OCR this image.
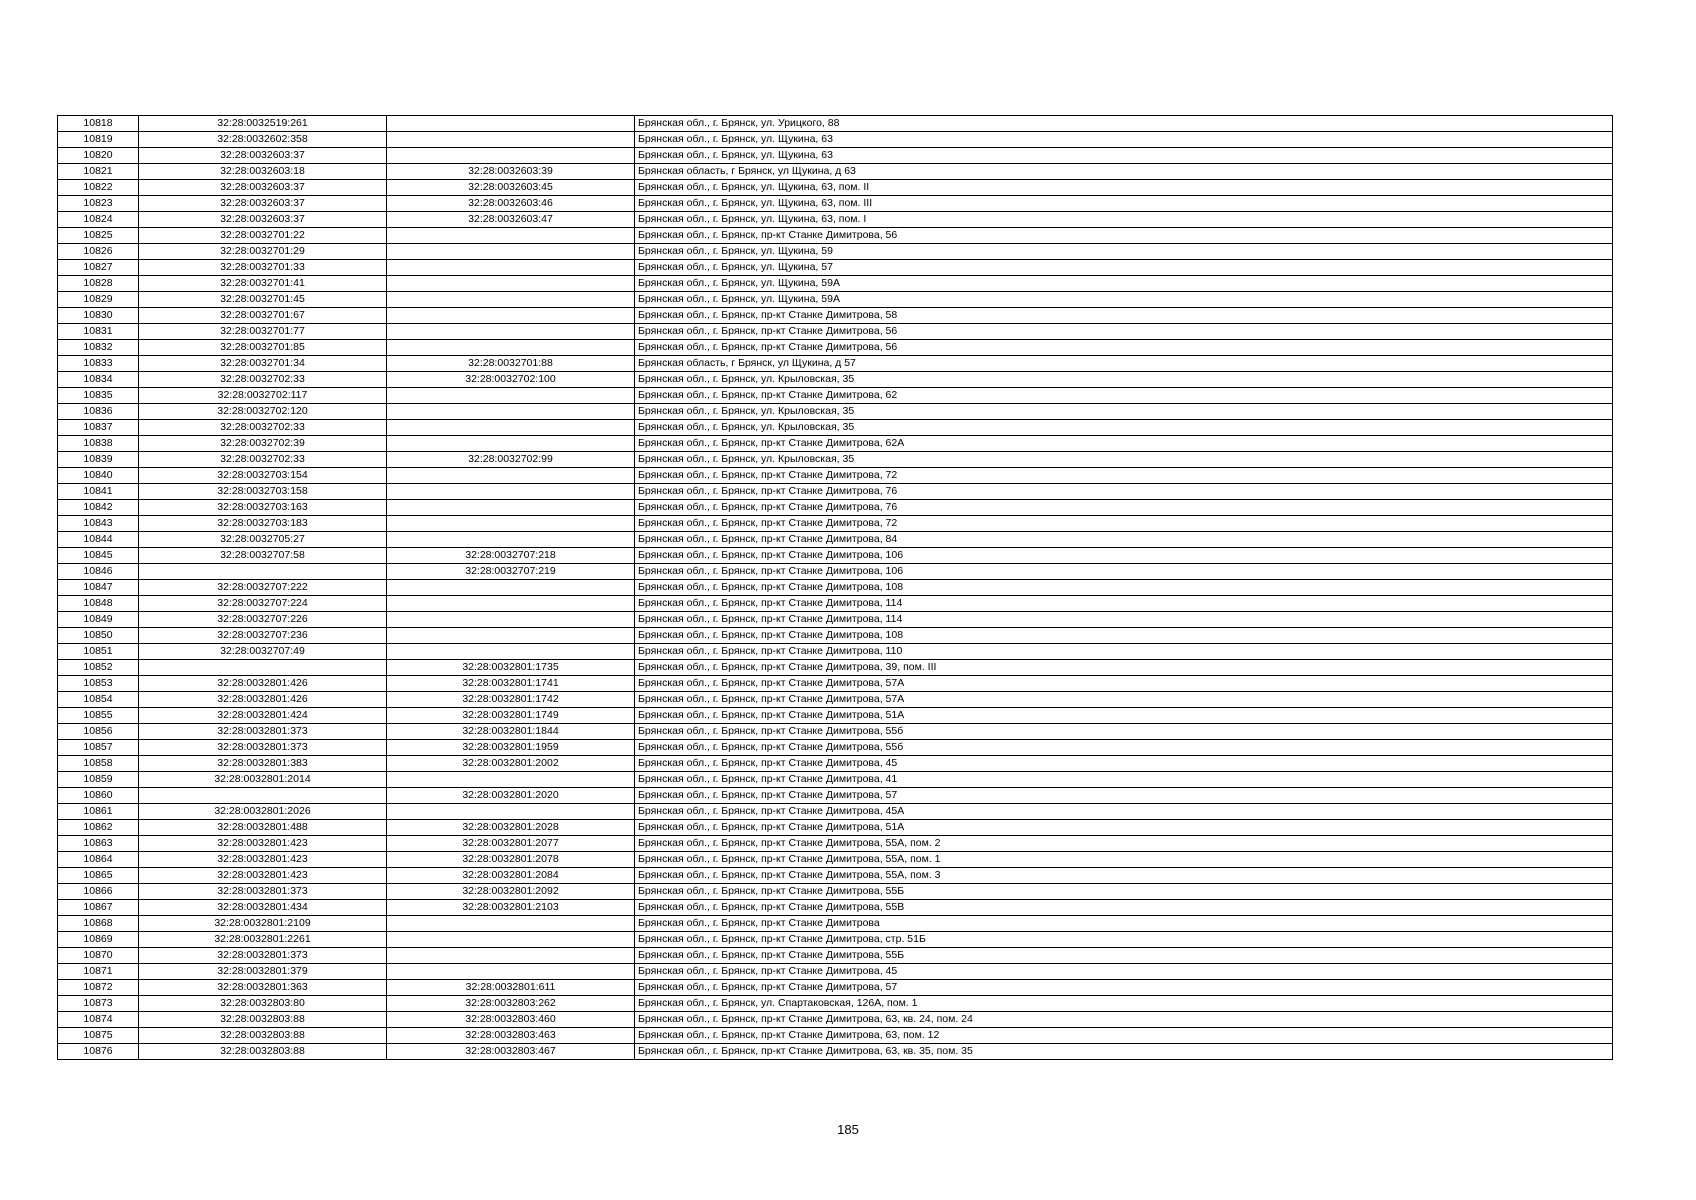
10818	32:28:0032519:261		Брянская обл., г. Брянск, ул. Урицкого, 88
10819	32:28:0032602:358		Брянская обл., г. Брянск, ул. Щукина, 63
10820	32:28:0032603:37		Брянская обл., г. Брянск, ул. Щукина, 63
10821	32:28:0032603:18	32:28:0032603:39	Брянская область, г Брянск, ул Щукина, д 63
10822	32:28:0032603:37	32:28:0032603:45	Брянская обл., г. Брянск, ул. Щукина, 63, пом. II
10823	32:28:0032603:37	32:28:0032603:46	Брянская обл., г. Брянск, ул. Щукина, 63, пом. III
10824	32:28:0032603:37	32:28:0032603:47	Брянская обл., г. Брянск, ул. Щукина, 63, пом. I
10825	32:28:0032701:22		Брянская обл., г. Брянск, пр-кт Станке Димитрова, 56
10826	32:28:0032701:29		Брянская обл., г. Брянск, ул. Щукина, 59
10827	32:28:0032701:33		Брянская обл., г. Брянск, ул. Щукина, 57
10828	32:28:0032701:41		Брянская обл., г. Брянск, ул. Щукина, 59А
10829	32:28:0032701:45		Брянская обл., г. Брянск, ул. Щукина, 59А
10830	32:28:0032701:67		Брянская обл., г. Брянск, пр-кт Станке Димитрова, 58
10831	32:28:0032701:77		Брянская обл., г. Брянск, пр-кт Станке Димитрова, 56
10832	32:28:0032701:85		Брянская обл., г. Брянск, пр-кт Станке Димитрова, 56
10833	32:28:0032701:34	32:28:0032701:88	Брянская область, г Брянск, ул Щукина, д 57
10834	32:28:0032702:33	32:28:0032702:100	Брянская обл., г. Брянск, ул. Крыловская, 35
10835	32:28:0032702:117		Брянская обл., г. Брянск, пр-кт Станке Димитрова, 62
10836	32:28:0032702:120		Брянская обл., г. Брянск, ул. Крыловская, 35
10837	32:28:0032702:33		Брянская обл., г. Брянск, ул. Крыловская, 35
10838	32:28:0032702:39		Брянская обл., г. Брянск, пр-кт Станке Димитрова, 62А
10839	32:28:0032702:33	32:28:0032702:99	Брянская обл., г. Брянск, ул. Крыловская, 35
10840	32:28:0032703:154		Брянская обл., г. Брянск, пр-кт Станке Димитрова, 72
10841	32:28:0032703:158		Брянская обл., г. Брянск, пр-кт Станке Димитрова, 76
10842	32:28:0032703:163		Брянская обл., г. Брянск, пр-кт Станке Димитрова, 76
10843	32:28:0032703:183		Брянская обл., г. Брянск, пр-кт Станке Димитрова, 72
10844	32:28:0032705:27		Брянская обл., г. Брянск, пр-кт Станке Димитрова, 84
10845	32:28:0032707:58	32:28:0032707:218	Брянская обл., г. Брянск, пр-кт Станке Димитрова, 106
10846		32:28:0032707:219	Брянская обл., г. Брянск, пр-кт Станке Димитрова, 106
10847	32:28:0032707:222		Брянская обл., г. Брянск, пр-кт Станке Димитрова, 108
10848	32:28:0032707:224		Брянская обл., г. Брянск, пр-кт Станке Димитрова, 114
10849	32:28:0032707:226		Брянская обл., г. Брянск, пр-кт Станке Димитрова, 114
10850	32:28:0032707:236		Брянская обл., г. Брянск, пр-кт Станке Димитрова, 108
10851	32:28:0032707:49		Брянская обл., г. Брянск, пр-кт Станке Димитрова, 110
10852		32:28:0032801:1735	Брянская обл., г. Брянск, пр-кт Станке Димитрова, 39, пом. III
10853	32:28:0032801:426	32:28:0032801:1741	Брянская обл., г. Брянск, пр-кт Станке Димитрова, 57А
10854	32:28:0032801:426	32:28:0032801:1742	Брянская обл., г. Брянск, пр-кт Станке Димитрова, 57А
10855	32:28:0032801:424	32:28:0032801:1749	Брянская обл., г. Брянск, пр-кт Станке Димитрова, 51А
10856	32:28:0032801:373	32:28:0032801:1844	Брянская обл., г. Брянск, пр-кт Станке Димитрова, 55б
10857	32:28:0032801:373	32:28:0032801:1959	Брянская обл., г. Брянск, пр-кт Станке Димитрова, 55б
10858	32:28:0032801:383	32:28:0032801:2002	Брянская обл., г. Брянск, пр-кт Станке Димитрова, 45
10859	32:28:0032801:2014		Брянская обл., г. Брянск, пр-кт Станке Димитрова, 41
10860		32:28:0032801:2020	Брянская обл., г. Брянск, пр-кт Станке Димитрова, 57
10861	32:28:0032801:2026		Брянская обл., г. Брянск, пр-кт Станке Димитрова, 45А
10862	32:28:0032801:488	32:28:0032801:2028	Брянская обл., г. Брянск, пр-кт Станке Димитрова, 51А
10863	32:28:0032801:423	32:28:0032801:2077	Брянская обл., г. Брянск, пр-кт Станке Димитрова, 55А, пом. 2
10864	32:28:0032801:423	32:28:0032801:2078	Брянская обл., г. Брянск, пр-кт Станке Димитрова, 55А, пом. 1
10865	32:28:0032801:423	32:28:0032801:2084	Брянская обл., г. Брянск, пр-кт Станке Димитрова, 55А, пом. 3
10866	32:28:0032801:373	32:28:0032801:2092	Брянская обл., г. Брянск, пр-кт Станке Димитрова, 55Б
10867	32:28:0032801:434	32:28:0032801:2103	Брянская обл., г. Брянск, пр-кт Станке Димитрова, 55В
10868	32:28:0032801:2109		Брянская обл., г. Брянск, пр-кт Станке Димитрова
10869	32:28:0032801:2261		Брянская обл., г. Брянск, пр-кт Станке Димитрова, стр. 51Б
10870	32:28:0032801:373		Брянская обл., г. Брянск, пр-кт Станке Димитрова, 55Б
10871	32:28:0032801:379		Брянская обл., г. Брянск, пр-кт Станке Димитрова, 45
10872	32:28:0032801:363	32:28:0032801:611	Брянская обл., г. Брянск, пр-кт Станке Димитрова, 57
10873	32:28:0032803:80	32:28:0032803:262	Брянская обл., г. Брянск, ул. Спартаковская, 126А, пом. 1
10874	32:28:0032803:88	32:28:0032803:460	Брянская обл., г. Брянск, пр-кт Станке Димитрова, 63, кв. 24, пом. 24
10875	32:28:0032803:88	32:28:0032803:463	Брянская обл., г. Брянск, пр-кт Станке Димитрова, 63, пом. 12
10876	32:28:0032803:88	32:28:0032803:467	Брянская обл., г. Брянск, пр-кт Станке Димитрова, 63, кв. 35, пом. 35
185
